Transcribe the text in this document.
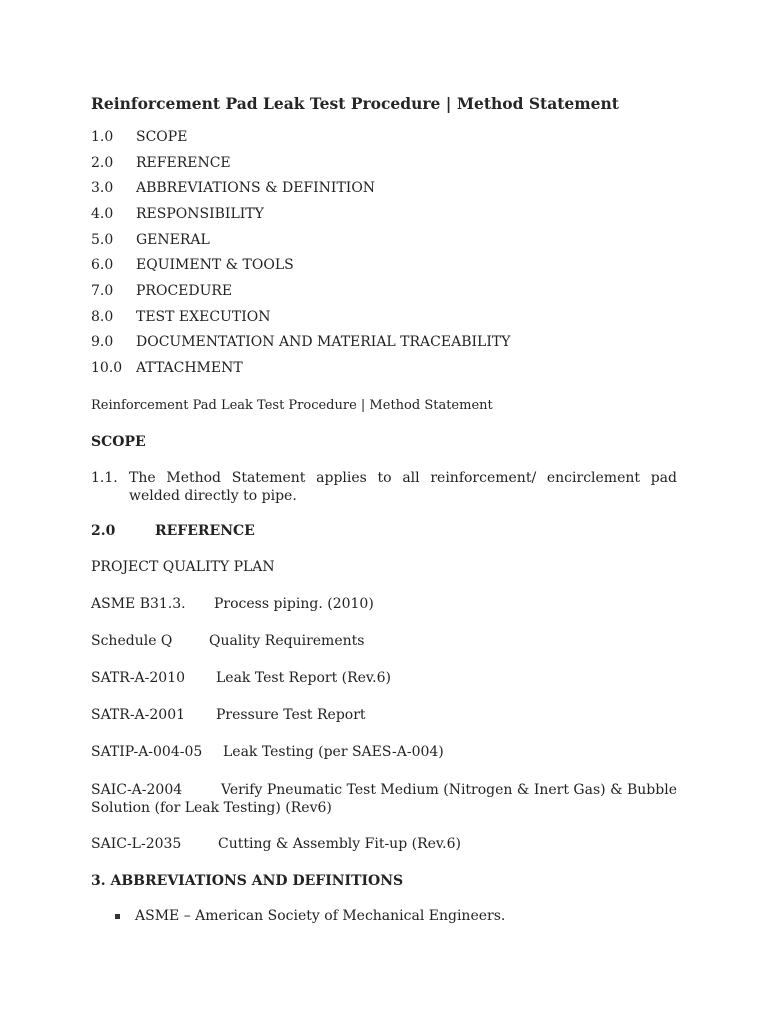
Reinforcement Pad Leak Test Procedure | Method Statement
1.0	SCOPE
2.0	REFERENCE
3.0	ABBREVIATIONS & DEFINITION
4.0	RESPONSIBILITY
5.0	GENERAL
6.0	EQUIMENT & TOOLS
7.0	PROCEDURE
8.0	TEST EXECUTION
9.0	DOCUMENTATION AND MATERIAL TRACEABILITY
10.0 ATTACHMENT
Reinforcement Pad Leak Test Procedure | Method Statement
SCOPE
1.1. The Method Statement applies to all reinforcement/ encirclement pad welded directly to pipe.
2.0	REFERENCE
PROJECT QUALITY PLAN
ASME B31.3.	Process piping. (2010)
Schedule Q	Quality Requirements
SATR-A-2010	Leak Test Report (Rev.6)
SATR-A-2001	Pressure Test Report
SATIP-A-004-05	Leak Testing (per SAES-A-004)
SAIC-A-2004	Verify Pneumatic Test Medium (Nitrogen & Inert Gas) & Bubble Solution (for Leak Testing) (Rev6)
SAIC-L-2035	Cutting & Assembly Fit-up (Rev.6)
3. ABBREVIATIONS AND DEFINITIONS
ASME – American Society of Mechanical Engineers.
